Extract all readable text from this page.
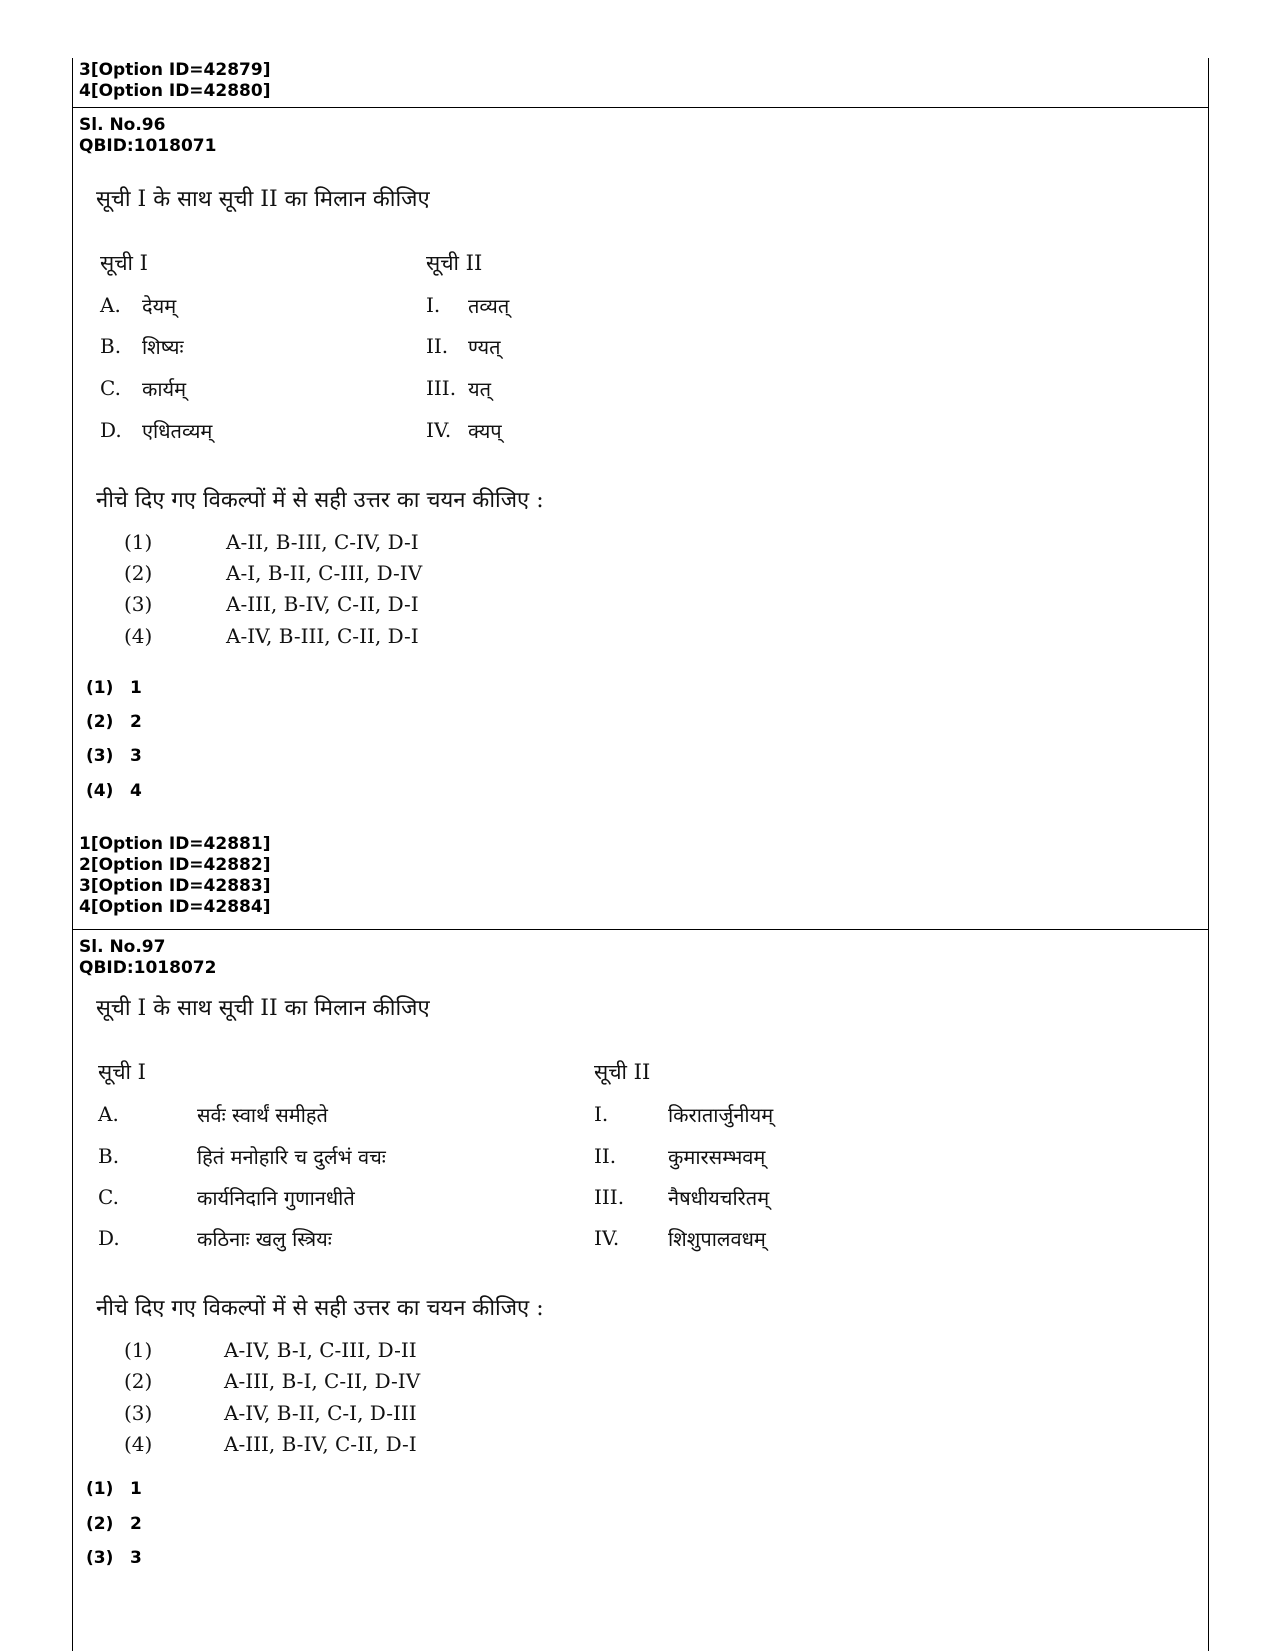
3[Option ID=42879]
4[Option ID=42880]
Sl. No.96
QBID:1018071
सूची I के साथ सूची II का मिलान कीजिए
सूची I	सूची II
A. देयम्	I. तव्यत्
B. शिष्यः	II. ण्यत्
C. कार्यम्	III. यत्
D. एधितव्यम्	IV. क्यप्
नीचे दिए गए विकल्पों में से सही उत्तर का चयन कीजिए :
(1)	A-II, B-III, C-IV, D-I
(2)	A-I, B-II, C-III, D-IV
(3)	A-III, B-IV, C-II, D-I
(4)	A-IV, B-III, C-II, D-I
(1) 1
(2) 2
(3) 3
(4) 4
1[Option ID=42881]
2[Option ID=42882]
3[Option ID=42883]
4[Option ID=42884]
Sl. No.97
QBID:1018072
सूची I के साथ सूची II का मिलान कीजिए
सूची I	सूची II
A.	सर्वः स्वार्थं समीहते	I.	किरातार्जुनीयम्
B.	हितं मनोहारि च दुर्लभं वचः	II.	कुमारसम्भवम्
C.	कार्यनिदानि गुणानधीते	III. नैषधीयचरितम्
D.	कठिनाः खलु स्त्रियः	IV. शिशुपालवधम्
नीचे दिए गए विकल्पों में से सही उत्तर का चयन कीजिए :
(1)	A-IV, B-I, C-III, D-II
(2)	A-III, B-I, C-II, D-IV
(3)	A-IV, B-II, C-I, D-III
(4)	A-III, B-IV, C-II, D-I
(1) 1
(2) 2
(3) 3
